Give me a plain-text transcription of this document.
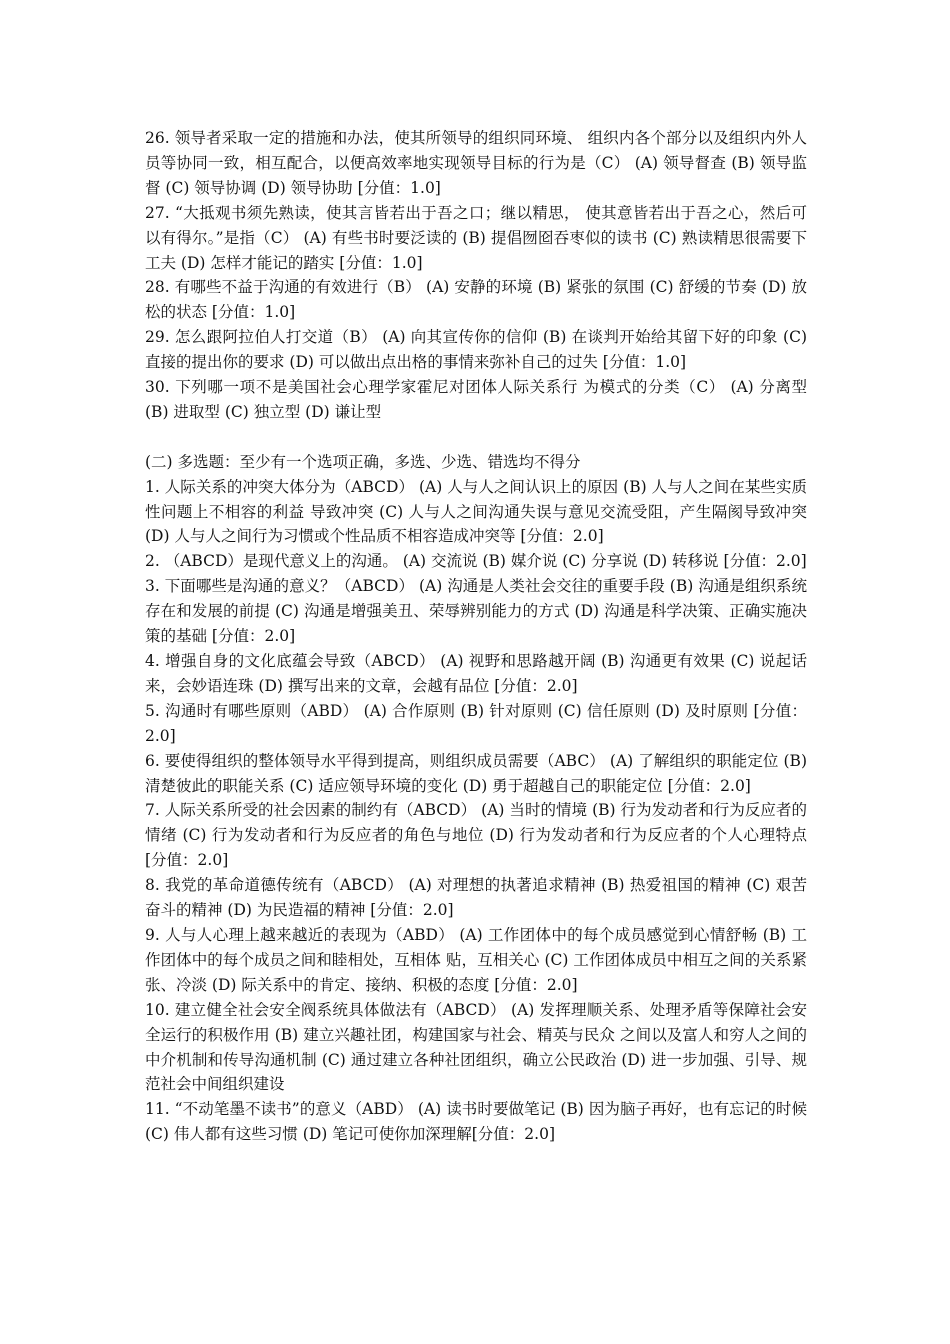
26. 领导者采取一定的措施和办法，使其所领导的组织同环境、 组织内各个部分以及组织内外人员等协同一致，相互配合，以便高效率地实现领导目标的行为是（C） (A) 领导督查 (B) 领导监督 (C) 领导协调 (D) 领导协助 [分值：1.0]

27. “大抵观书须先熟读，使其言皆若出于吾之口；继以精思， 使其意皆若出于吾之心，然后可以有得尔。”是指（C） (A) 有些书时要泛读的 (B) 提倡囫囵吞枣似的读书 (C) 熟读精思很需要下工夫 (D) 怎样才能记的踏实 [分值：1.0]

28. 有哪些不益于沟通的有效进行（B） (A) 安静的环境 (B) 紧张的氛围 (C) 舒缓的节奏 (D) 放松的状态 [分值：1.0]

29. 怎么跟阿拉伯人打交道（B） (A) 向其宣传你的信仰 (B) 在谈判开始给其留下好的印象 (C) 直接的提出你的要求 (D) 可以做出点出格的事情来弥补自己的过失 [分值：1.0]

30. 下列哪一项不是美国社会心理学家霍尼对团体人际关系行 为模式的分类（C） (A) 分离型 (B) 进取型 (C) 独立型 (D) 谦让型

(二) 多选题：至少有一个选项正确，多选、少选、错选均不得分

1. 人际关系的冲突大体分为（ABCD） (A) 人与人之间认识上的原因 (B) 人与人之间在某些实质性问题上不相容的利益 导致冲突 (C) 人与人之间沟通失误与意见交流受阻，产生隔阂导致冲突 (D) 人与人之间行为习惯或个性品质不相容造成冲突等 [分值：2.0]

2. （ABCD）是现代意义上的沟通。 (A) 交流说 (B) 媒介说 (C) 分享说 (D) 转移说 [分值：2.0]

3. 下面哪些是沟通的意义？（ABCD） (A) 沟通是人类社会交往的重要手段 (B) 沟通是组织系统存在和发展的前提 (C) 沟通是增强美丑、荣辱辨别能力的方式 (D) 沟通是科学决策、正确实施决策的基础 [分值：2.0]

4. 增强自身的文化底蕴会导致（ABCD） (A) 视野和思路越开阔 (B) 沟通更有效果 (C) 说起话来，会妙语连珠 (D) 撰写出来的文章，会越有品位 [分值：2.0]

5. 沟通时有哪些原则（ABD） (A) 合作原则 (B) 针对原则 (C) 信任原则 (D) 及时原则 [分值：2.0]

6. 要使得组织的整体领导水平得到提高，则组织成员需要（ABC） (A) 了解组织的职能定位 (B) 清楚彼此的职能关系 (C) 适应领导环境的变化 (D) 勇于超越自己的职能定位 [分值：2.0]

7. 人际关系所受的社会因素的制约有（ABCD） (A) 当时的情境 (B) 行为发动者和行为反应者的情绪 (C) 行为发动者和行为反应者的角色与地位 (D) 行为发动者和行为反应者的个人心理特点 [分值：2.0]

8. 我党的革命道德传统有（ABCD） (A) 对理想的执著追求精神 (B) 热爱祖国的精神 (C) 艰苦奋斗的精神 (D) 为民造福的精神 [分值：2.0]

9. 人与人心理上越来越近的表现为（ABD） (A) 工作团体中的每个成员感觉到心情舒畅 (B) 工作团体中的每个成员之间和睦相处，互相体 贴，互相关心 (C) 工作团体成员中相互之间的关系紧张、冷淡 (D) 际关系中的肯定、接纳、积极的态度 [分值：2.0]

10. 建立健全社会安全阀系统具体做法有（ABCD） (A) 发挥理顺关系、处理矛盾等保障社会安全运行的积极作用 (B) 建立兴趣社团，构建国家与社会、精英与民众 之间以及富人和穷人之间的中介机制和传导沟通机制 (C) 通过建立各种社团组织，确立公民政治 (D) 进一步加强、引导、规范社会中间组织建设

11. “不动笔墨不读书”的意义（ABD） (A) 读书时要做笔记 (B) 因为脑子再好，也有忘记的时候 (C) 伟人都有这些习惯 (D) 笔记可使你加深理解[分值：2.0]
